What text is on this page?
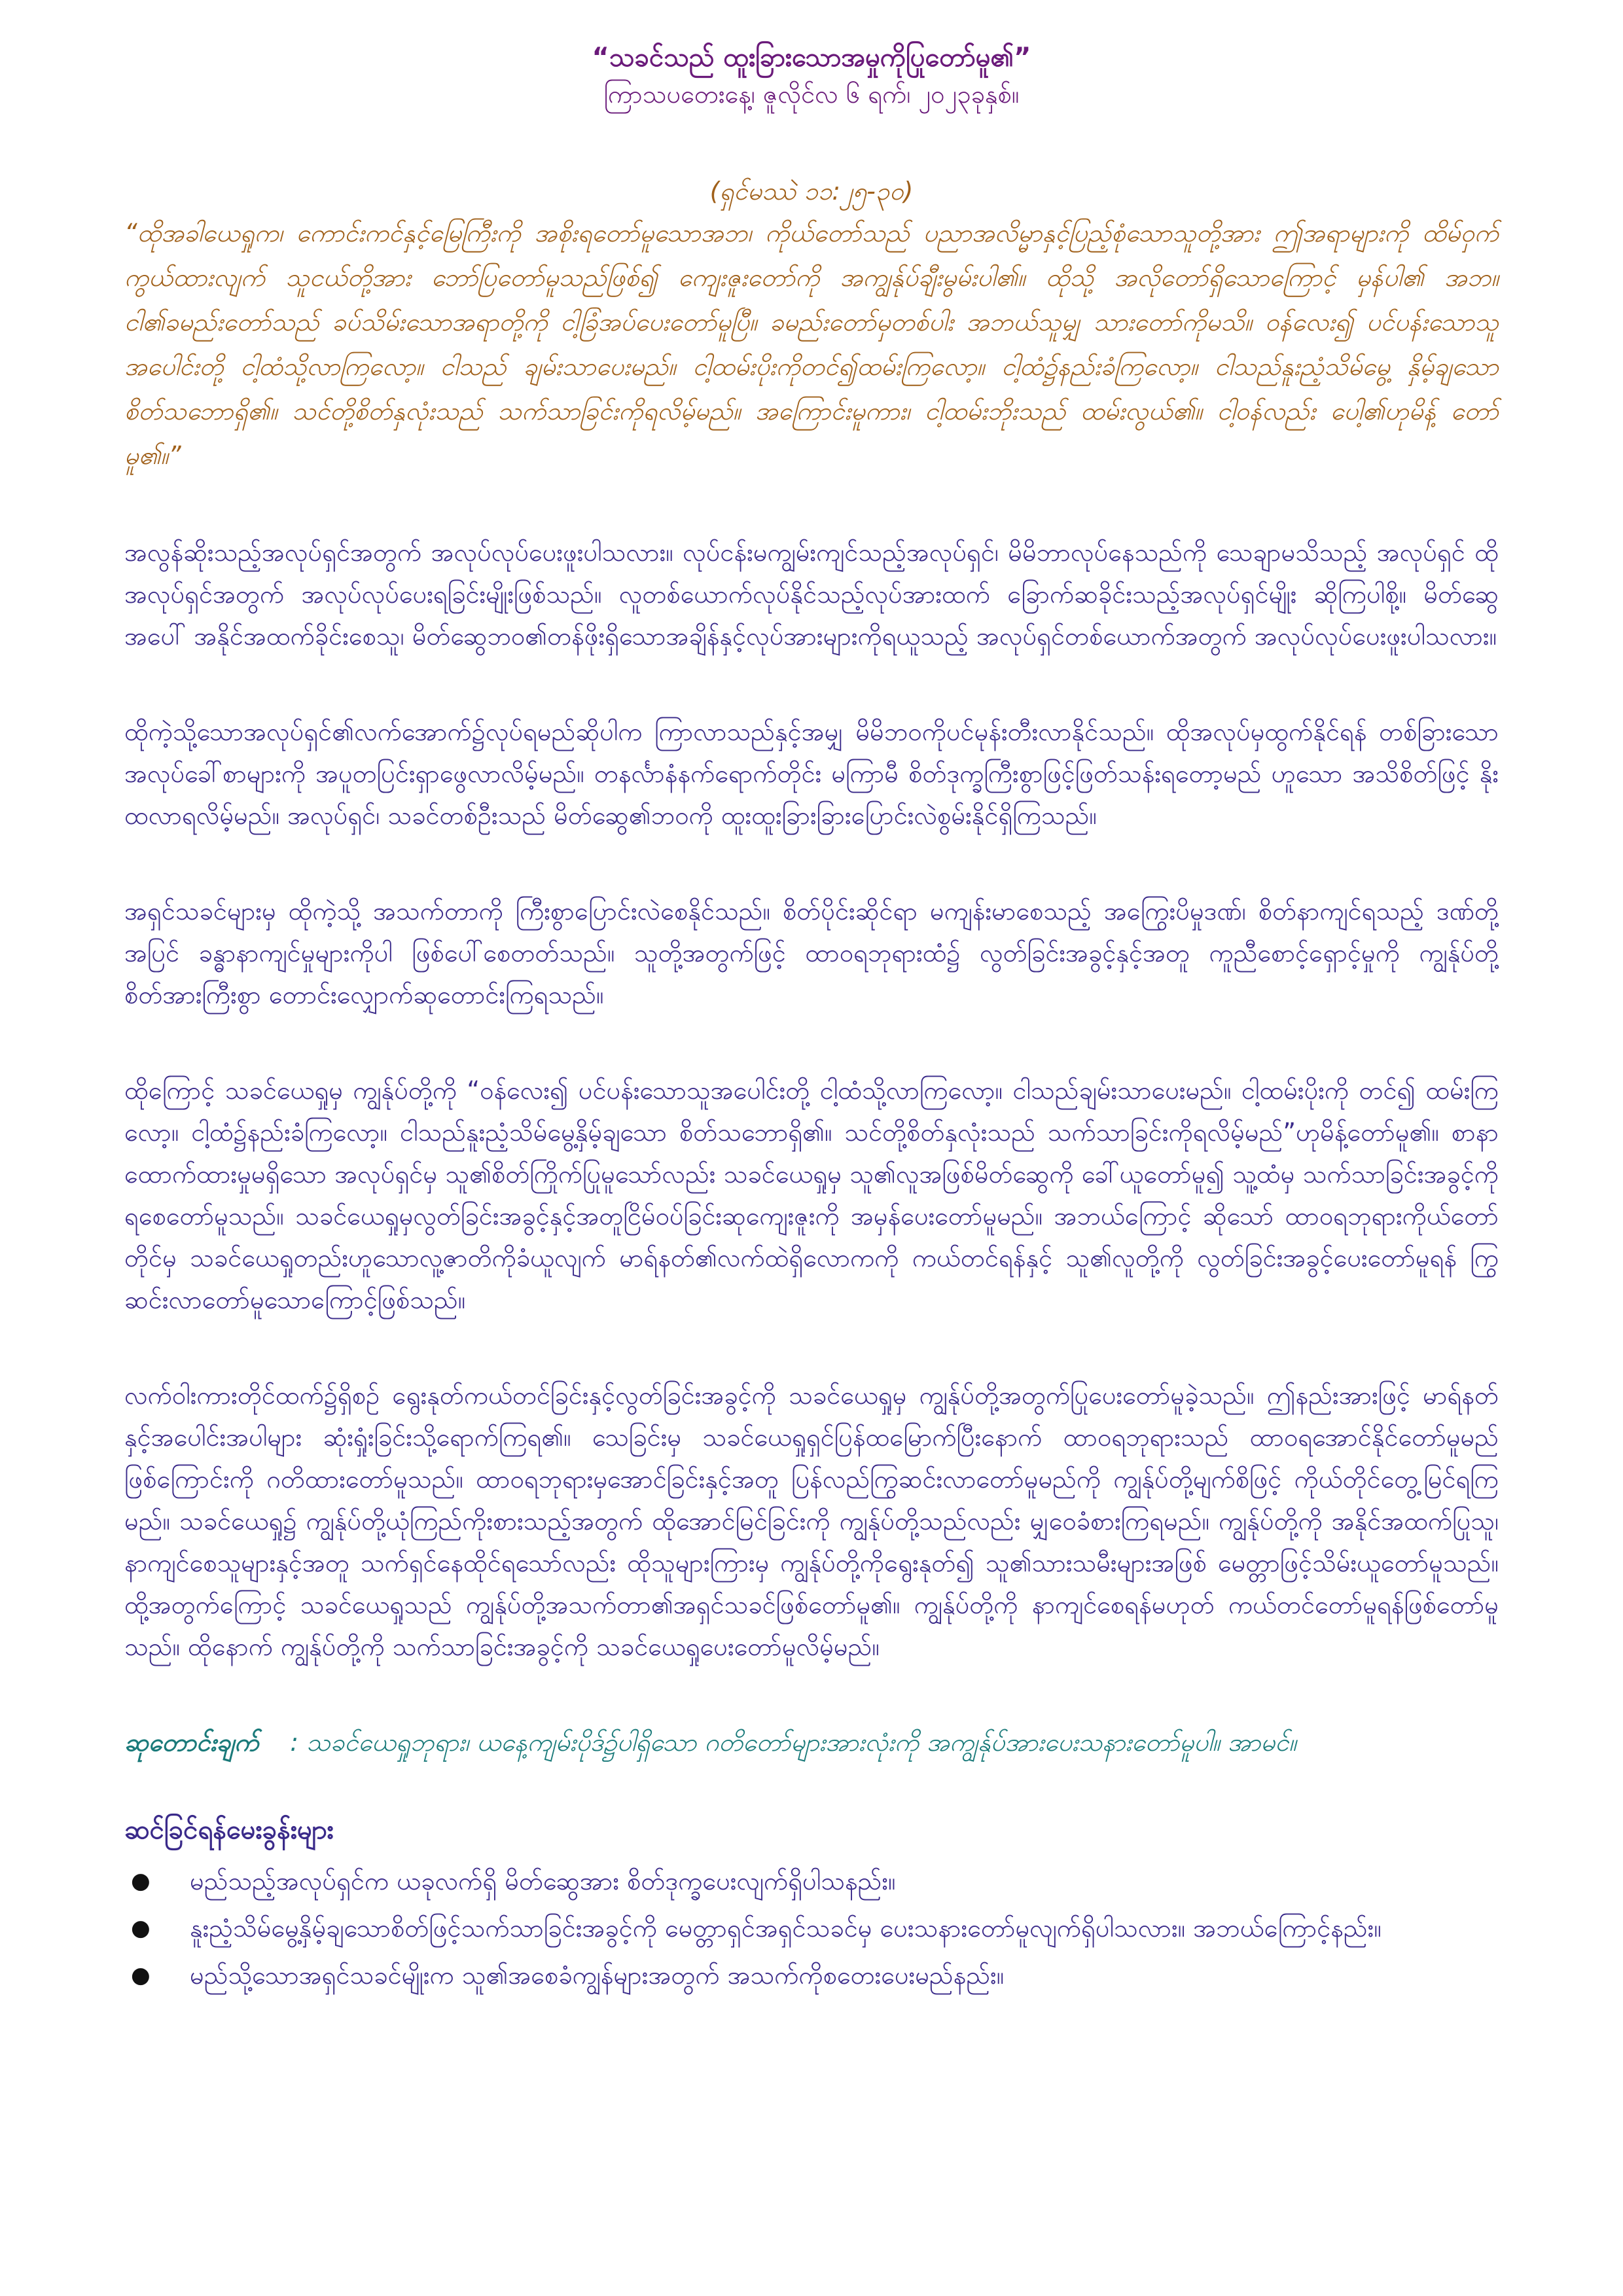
“သခင်သည် ထူးခြားသောအမှုကိုပြုတော်မူ၏”

ကြာသပတေးနေ့၊ ဇူလိုင်လ ၆ ရက်၊ ၂၀၂၃ခုနှစ်။

(ရှင်မဿဲ ၁၁:၂၅-၃၀)

“ထိုအခါယေရှုက၊ ကောင်းကင်နှင့်မြေကြီးကို အစိုးရတော်မူသောအဘ၊ ကိုယ်တော်သည် ပညာအလိမ္မာနှင့်ပြည့်စုံသောသူတို့အား ဤအရာများကို ထိမ်ဝှက်ကွယ်ထားလျက် သူငယ်တို့အား ဘော်ပြတော်မူသည်ဖြစ်၍ ကျေးဇူးတော်ကို အကျွန်ုပ်ချီးမွမ်းပါ၏။ ထိုသို့ အလိုတော်ရှိသောကြောင့် မှန်ပါ၏ အဘ။ ငါ၏ခမည်းတော်သည် ခပ်သိမ်းသောအရာတို့ကို ငါ့ခြံအပ်ပေးတော်မူပြီ။ ခမည်းတော်မှတစ်ပါး အဘယ်သူမျှ သားတော်ကိုမသိ။ ဝန်လေး၍ ပင်ပန်းသောသူအပေါင်းတို့ ငါ့ထံသို့လာကြလော့။ ငါသည် ချမ်းသာပေးမည်။ ငါ့ထမ်းပိုးကိုတင်၍ထမ်းကြလော့။ ငါ့ထံ၌နည်းခံကြလော့။ ငါသည်နူးညံ့သိမ်မွေ့ နှိမ့်ချသောစိတ်သဘောရှိ၏။ သင်တို့စိတ်နှလုံးသည် သက်သာခြင်းကိုရလိမ့်မည်။ အကြောင်းမူကား၊ ငါ့ထမ်းဘိုးသည် ထမ်းလွယ်၏။ ငါ့ဝန်လည်း ပေါ့၏ဟုမိန့် တော်မူ၏။”

အလွန်ဆိုးသည့်အလုပ်ရှင်အတွက် အလုပ်လုပ်ပေးဖူးပါသလား။ လုပ်ငန်းမကျွမ်းကျင်သည့်အလုပ်ရှင်၊ မိမိဘာလုပ်နေသည်ကို သေချာမသိသည့် အလုပ်ရှင် ထိုအလုပ်ရှင်အတွက် အလုပ်လုပ်ပေးရခြင်းမျိုးဖြစ်သည်။ လူတစ်ယောက်လုပ်နိုင်သည့်လုပ်အားထက် ခြောက်ဆခိုင်းသည့်အလုပ်ရှင်မျိုး ဆိုကြပါစို့။ မိတ်ဆွေအပေါ် အနိုင်အထက်ခိုင်းစေသူ၊ မိတ်ဆွေဘဝ၏တန်ဖိုးရှိသောအချိန်နှင့်လုပ်အားများကိုရယူသည့် အလုပ်ရှင်တစ်ယောက်အတွက် အလုပ်လုပ်ပေးဖူးပါသလား။

ထိုကဲ့သို့သောအလုပ်ရှင်၏လက်အောက်၌လုပ်ရမည်ဆိုပါက ကြာလာသည်နှင့်အမျှ မိမိဘဝကိုပင်မုန်းတီးလာနိုင်သည်။ ထိုအလုပ်မှထွက်နိုင်ရန် တစ်ခြားသောအလုပ်ခေါ်စာများကို အပူတပြင်းရှာဖွေလာလိမ့်မည်။ တနင်္လာနံနက်ရောက်တိုင်း မကြာမီ စိတ်ဒုက္ခကြီးစွာဖြင့်ဖြတ်သန်းရတော့မည် ဟူသော အသိစိတ်ဖြင့် နိုးထလာရလိမ့်မည်။ အလုပ်ရှင်၊ သခင်တစ်ဦးသည် မိတ်ဆွေ၏ဘဝကို ထူးထူးခြားခြားပြောင်းလဲစွမ်းနိုင်ရှိကြသည်။

အရှင်သခင်များမှ ထိုကဲ့သို့ အသက်တာကို ကြီးစွာပြောင်းလဲစေနိုင်သည်။ စိတ်ပိုင်းဆိုင်ရာ မကျန်းမာစေသည့် အကြွေးပိမှုဒဏ်၊ စိတ်နာကျင်ရသည့် ဒဏ်တို့အပြင် ခန္ဓာနာကျင်မှုများကိုပါ ဖြစ်ပေါ်စေတတ်သည်။ သူတို့အတွက်ဖြင့် ထာဝရဘုရားထံ၌ လွတ်ခြင်းအခွင့်နှင့်အတူ ကူညီစောင့်ရှောင့်မှုကို ကျွန်ုပ်တို့ စိတ်အားကြီးစွာ တောင်းလျှောက်ဆုတောင်းကြရသည်။

ထိုကြောင့် သခင်ယေရှုမှ ကျွန်ုပ်တို့ကို “ဝန်လေး၍ ပင်ပန်းသောသူအပေါင်းတို့ ငါ့ထံသို့လာကြလော့။ ငါသည်ချမ်းသာပေးမည်။ ငါ့ထမ်းပိုးကို တင်၍ ထမ်းကြလော့။ ငါ့ထံ၌နည်းခံကြလော့။ ငါသည်နူးညံ့သိမ်မွေ့နှိမ့်ချသော စိတ်သဘောရှိ၏။ သင်တို့စိတ်နှလုံးသည် သက်သာခြင်းကိုရလိမ့်မည်”ဟုမိန့်တော်မူ၏။ စာနာထောက်ထားမှုမရှိသော အလုပ်ရှင်မှ သူ၏စိတ်ကြိုက်ပြုမူသော်လည်း သခင်ယေရှုမှ သူ၏လူအဖြစ်မိတ်ဆွေကို ခေါ်ယူတော်မူ၍ သူ့ထံမှ သက်သာခြင်းအခွင့်ကိုရစေတော်မူသည်။ သခင်ယေရှုမှလွတ်ခြင်းအခွင့်နှင့်အတူငြိမ်ဝပ်ခြင်းဆုကျေးဇူးကို အမှန်ပေးတော်မူမည်။ အဘယ်ကြောင့် ဆိုသော် ထာဝရဘုရားကိုယ်တော်တိုင်မှ သခင်ယေရှုတည်းဟူသောလူ့ဇာတိကိုခံယူလျက် မာရ်နတ်၏လက်ထဲရှိလောကကို ကယ်တင်ရန်နှင့် သူ၏လူတို့ကို လွတ်ခြင်းအခွင့်ပေးတော်မူရန် ကြွဆင်းလာတော်မူသောကြောင့်ဖြစ်သည်။

လက်ဝါးကားတိုင်ထက်၌ရှိစဉ် ရွေးနုတ်ကယ်တင်ခြင်းနှင့်လွတ်ခြင်းအခွင့်ကို သခင်ယေရှုမှ ကျွန်ုပ်တို့အတွက်ပြုပေးတော်မူခဲ့သည်။ ဤနည်းအားဖြင့် မာရ်နတ်နှင့်အပေါင်းအပါများ ဆုံးရှုံးခြင်းသို့ရောက်ကြရ၏။ သေခြင်းမှ သခင်ယေရှုရှင်ပြန်ထမြောက်ပြီးနောက် ထာဝရဘုရားသည် ထာဝရအောင်နိုင်တော်မူမည်ဖြစ်ကြောင်းကို ဂတိထားတော်မူသည်။ ထာဝရဘုရားမှအောင်ခြင်းနှင့်အတူ ပြန်လည်ကြွဆင်းလာတော်မူမည်ကို ကျွန်ုပ်တို့မျက်စိဖြင့် ကိုယ်တိုင်တွေ့မြင်ရကြမည်။ သခင်ယေရှု၌ ကျွန်ုပ်တို့ယုံကြည်ကိုးစားသည့်အတွက် ထိုအောင်မြင်ခြင်းကို ကျွန်ုပ်တို့သည်လည်း မျှဝေခံစားကြရမည်။ ကျွန်ုပ်တို့ကို အနိုင်အထက်ပြုသူ၊ နာကျင်စေသူများနှင့်အတူ သက်ရှင်နေထိုင်ရသော်လည်း ထိုသူများကြားမှ ကျွန်ုပ်တို့ကိုရွေးနုတ်၍ သူ၏သားသမီးများအဖြစ် မေတ္တာဖြင့်သိမ်းယူတော်မူသည်။ ထို့အတွက်ကြောင့် သခင်ယေရှုသည် ကျွန်ုပ်တို့အသက်တာ၏အရှင်သခင်ဖြစ်တော်မူ၏။ ကျွန်ုပ်တို့ကို နာကျင်စေရန်မဟုတ် ကယ်တင်တော်မူရန်ဖြစ်တော်မူသည်။ ထိုနောက် ကျွန်ုပ်တို့ကို သက်သာခြင်းအခွင့်ကို သခင်ယေရှုပေးတော်မူလိမ့်မည်။

ဆုတောင်းချက် : သခင်ယေရှုဘုရား၊ ယနေ့ကျမ်းပိုဒ်၌ပါရှိသော ဂတိတော်များအားလုံးကို အကျွန်ုပ်အားပေးသနားတော်မူပါ။ အာမင်။

ဆင်ခြင်ရန်မေးခွန်းများ

● မည်သည့်အလုပ်ရှင်က ယခုလက်ရှိ မိတ်ဆွေအား စိတ်ဒုက္ခပေးလျက်ရှိပါသနည်း။
● နူးညံ့သိမ်မွေ့နှိမ့်ချသောစိတ်ဖြင့်သက်သာခြင်းအခွင့်ကို မေတ္တာရှင်အရှင်သခင်မှ ပေးသနားတော်မူလျက်ရှိပါသလား။ အဘယ်ကြောင့်နည်း။
● မည်သို့သောအရှင်သခင်မျိုးက သူ၏အစေခံကျွန်များအတွက် အသက်ကိုစတေးပေးမည်နည်း။
